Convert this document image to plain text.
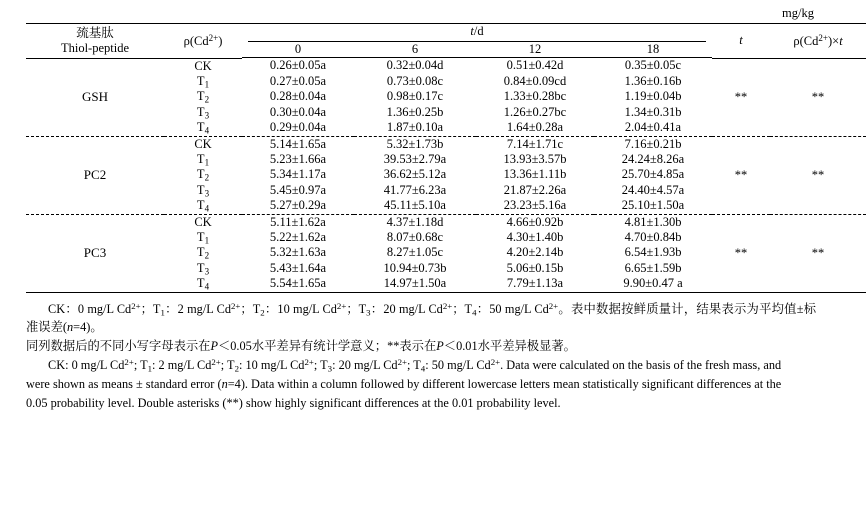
mg/kg
巯基肽
Thiol-peptide	$\rho(Cd^{2+})$	t/d				t	$\rho(Cd^{2+})\times t$
		0	6	12	18		

GSH	CK	0.26±0.05a	0.32±0.04d	0.51±0.42d	0.35±0.05c	**	**
	$T_1$	0.27±0.05a	0.73±0.08c	0.84±0.09cd	1.36±0.16b		
	$T_2$	0.28±0.04a	0.98±0.17c	1.33±0.28bc	1.19±0.04b		
	$T_3$	0.30±0.04a	1.36±0.25b	1.26±0.27bc	1.34±0.31b		
	$T_4$	0.29±0.04a	1.87±0.10a	1.64±0.28a	2.04±0.41a		

PC2	CK	5.14±1.65a	5.32±1.73b	7.14±1.71c	7.16±0.21b	**	**
	$T_1$	5.23±1.66a	39.53±2.79a	13.93±3.57b	24.24±8.26a		
	$T_2$	5.34±1.17a	36.62±5.12a	13.36±1.11b	25.70±4.85a		
	$T_3$	5.45±0.97a	41.77±6.23a	21.87±2.26a	24.40±4.57a		
	$T_4$	5.27±0.29a	45.11±5.10a	23.23±5.16a	25.10±1.50a		

PC3	CK	5.11±1.62a	4.37±1.18d	4.66±0.92b	4.81±1.30b	**	**
	$T_1$	5.22±1.62a	8.07±0.68c	4.30±1.40b	4.70±0.84b		
	$T_2$	5.32±1.63a	8.27±1.05c	4.20±2.14b	6.54±1.93b		
	$T_3$	5.43±1.64a	10.94±0.73b	5.06±0.15b	6.65±1.59b		
	$T_4$	5.54±1.65a	14.97±1.50a	7.79±1.13a	9.90±0.47 a		

CK：0 mg/L $Cd^{2+}$；$T_1$：2 mg/L $Cd^{2+}$；$T_2$：10 mg/L $Cd^{2+}$；$T_3$：20 mg/L $Cd^{2+}$；$T_4$：50 mg/L $Cd^{2+}$。表中数据按鲜质量计，结果表示为平均值±标准误差(n=4)。

同列数据后的不同小写字母表示在P＜0.05水平差异有统计学意义；**表示在P＜0.01水平差异极显著。

CK: 0 mg/L $Cd^{2+}$; $T_1$: 2 mg/L $Cd^{2+}$; $T_2$: 10 mg/L $Cd^{2+}$; $T_3$: 20 mg/L $Cd^{2+}$; $T_4$: 50 mg/L $Cd^{2+}$. Data were calculated on the basis of the fresh mass, and

were shown as means ± standard error (n=4). Data within a column followed by different lowercase letters mean statistically significant differences at the

0.05 probability level. Double asterisks (**) show highly significant differences at the 0.01 probability level.
